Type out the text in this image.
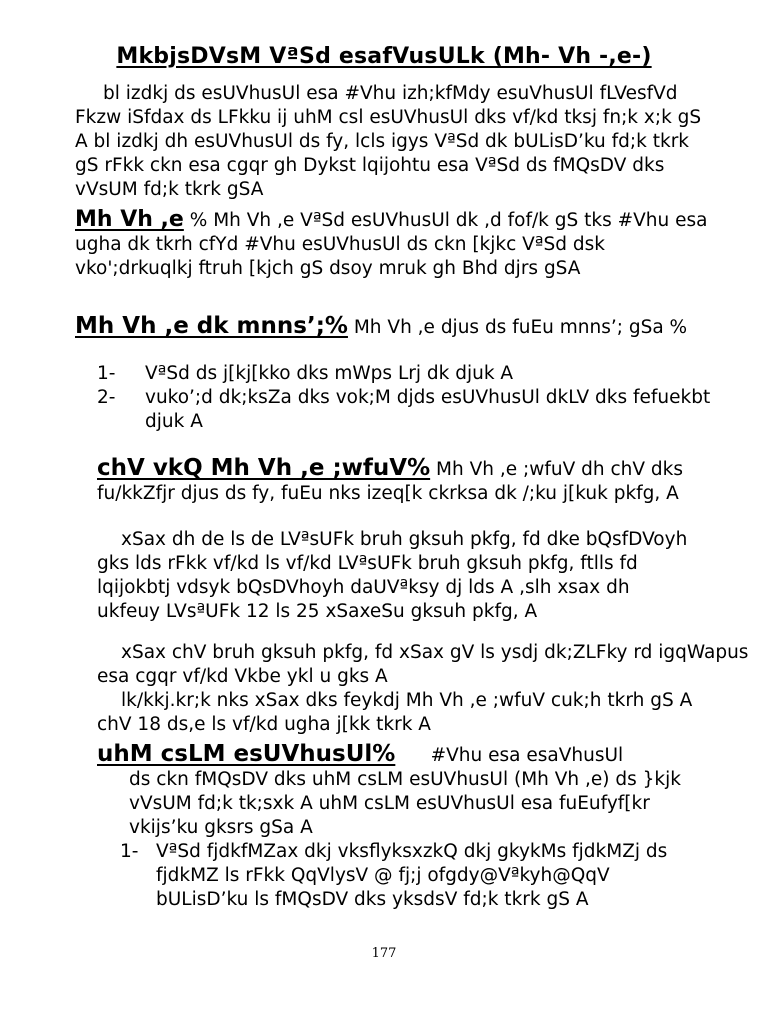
MkbjsDVsM VªSd esafVusULk (Mh- Vh -,e-)

bl izdkj ds esUVhusUl esa #Vhu izh;kfMdy esuVhusUl fLVesfVd Fkzw iSfdax ds LFkku ij uhM csl esUVhusUl dks vf/kd tksj fn;k x;k gS A bl izdkj dh esUVhusUl ds fy, lcls igys VªSd dk bULisD’ku fd;k tkrk gS rFkk ckn esa cgqr gh Dykst lqijohtu esa VªSd ds fMQsDV dks vVsUM fd;k tkrk gSA

Mh Vh ,e % Mh Vh ,e VªSd esUVhusUl dk ,d fof/k gS tks #Vhu esa ugha dk tkrh cfYd #Vhu esUVhusUl ds ckn [kjkc VªSd dsk vko';drkuqlkj ftruh [kjch gS dsoy mruk gh Bhd djrs gSA

Mh Vh ,e dk mnns’;% Mh Vh ,e djus ds fuEu mnns’; gSa %

1-	VªSd ds j[kj[kko dks mWps Lrj dk djuk A
2-	vuko’;d dk;ksZa dks vok;M djds esUVhusUl dkLV dks fefuekbt djuk A

chV vkQ Mh Vh ,e ;wfuV% Mh Vh ,e ;wfuV dh chV dks fu/kkZfjr djus ds fy, fuEu nks izeq[k ckrksa dk /;ku j[kuk pkfg, A

xSax dh de ls de LVªsUFk bruh gksuh pkfg, fd dke bQsfDVoyh gks lds rFkk vf/kd ls vf/kd LVªsUFk bruh gksuh pkfg, ftlls fd lqijokbtj vdsyk bQsDVhoyh daUVªksy dj lds A ,slh xsax dh ukfeuy LVsªUFk 12 ls 25 xSaxeSu gksuh pkfg, A

xSax chV bruh gksuh pkfg, fd xSax gV ls ysdj dk;ZLFky rd igqWapus esa cgqr vf/kd Vkbe ykl u gks A

lk/kkj.kr;k nks xSax dks feykdj Mh Vh ,e ;wfuV cuk;h tkrh gS A chV 18 ds,e ls vf/kd ugha j[kk tkrk A

uhM csLM esUVhusUl% #Vhu esa esaVhusUl
ds ckn fMQsDV dks uhM csLM esUVhusUl (Mh Vh ,e) ds }kjk vVsUM fd;k tk;sxk A uhM csLM esUVhusUl esa fuEufyf[kr vkijs’ku gksrs gSa A

1- VªSd fjdkfMZax dkj vksflyksxzkQ dkj gkykMs fjdkMZj ds fjdkMZ ls rFkk QqVlysV @ fj;j ofgdy@Vªkyh@QqV bULisD’ku ls fMQsDV dks yksdsV fd;k tkrk gS A
177
